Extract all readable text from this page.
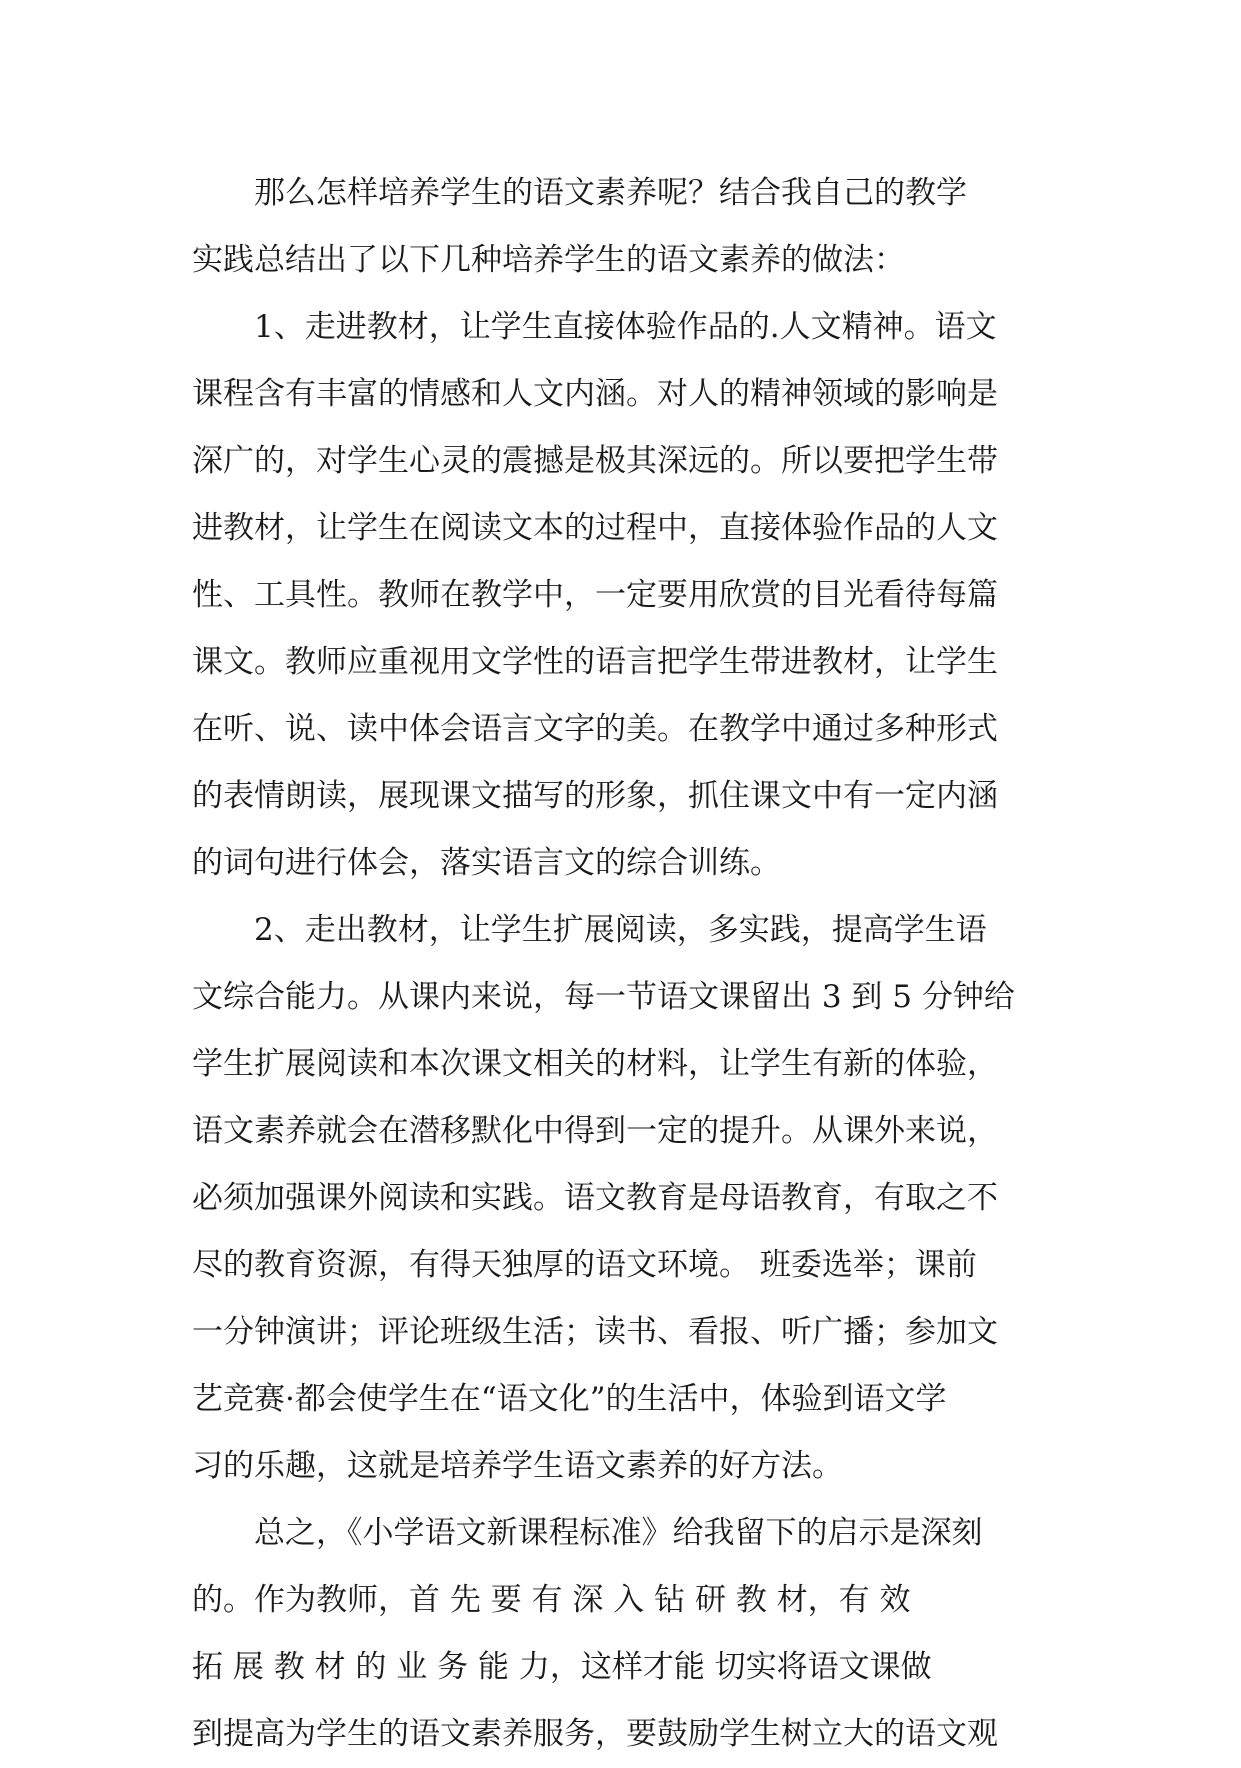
那么怎样培养学生的语文素养呢？结合我自己的教学
实践总结出了以下几种培养学生的语文素养的做法：
1、走进教材，让学生直接体验作品的.人文精神。语文
课程含有丰富的情感和人文内涵。对人的精神领域的影响是
深广的，对学生心灵的震撼是极其深远的。所以要把学生带
进教材，让学生在阅读文本的过程中，直接体验作品的人文
性、工具性。教师在教学中，一定要用欣赏的目光看待每篇
课文。教师应重视用文学性的语言把学生带进教材，让学生
在听、说、读中体会语言文字的美。在教学中通过多种形式
的表情朗读，展现课文描写的形象，抓住课文中有一定内涵
的词句进行体会，落实语言文的综合训练。
2、走出教材，让学生扩展阅读，多实践，提高学生语
文综合能力。从课内来说，每一节语文课留出 3 到 5 分钟给
学生扩展阅读和本次课文相关的材料，让学生有新的体验，
语文素养就会在潜移默化中得到一定的提升。从课外来说，
必须加强课外阅读和实践。语文教育是母语教育，有取之不
尽的教育资源，有得天独厚的语文环境。 班委选举；课前
一分钟演讲；评论班级生活；读书、看报、听广播；参加文
艺竞赛·都会使学生在“语文化”的生活中，体验到语文学
习的乐趣，这就是培养学生语文素养的好方法。
总之，《小学语文新课程标准》给我留下的启示是深刻
的。作为教师，首 先 要 有 深 入 钻 研 教 材，有 效
拓 展 教 材 的 业 务 能 力，这样才能 切实将语文课做
到提高为学生的语文素养服务，要鼓励学生树立大的语文观
